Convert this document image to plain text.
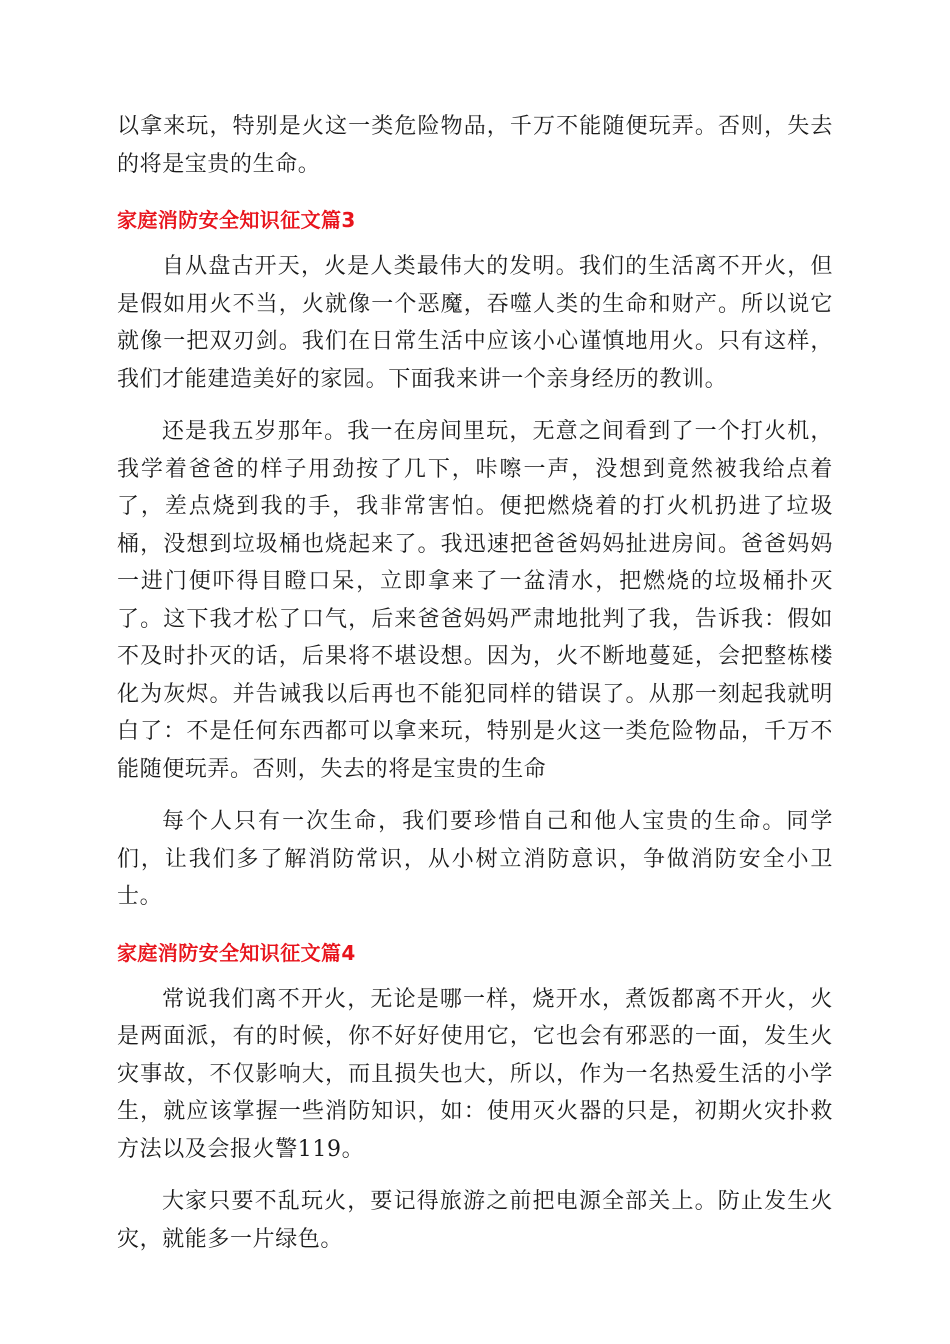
以拿来玩，特别是火这一类危险物品，千万不能随便玩弄。否则，失去的将是宝贵的生命。

家庭消防安全知识征文篇3

自从盘古开天，火是人类最伟大的发明。我们的生活离不开火，但是假如用火不当，火就像一个恶魔，吞噬人类的生命和财产。所以说它就像一把双刃剑。我们在日常生活中应该小心谨慎地用火。只有这样，我们才能建造美好的家园。下面我来讲一个亲身经历的教训。

还是我五岁那年。我一在房间里玩，无意之间看到了一个打火机，我学着爸爸的样子用劲按了几下，咔嚓一声，没想到竟然被我给点着了，差点烧到我的手，我非常害怕。便把燃烧着的打火机扔进了垃圾桶，没想到垃圾桶也烧起来了。我迅速把爸爸妈妈扯进房间。爸爸妈妈一进门便吓得目瞪口呆，立即拿来了一盆清水，把燃烧的垃圾桶扑灭了。这下我才松了口气，后来爸爸妈妈严肃地批判了我，告诉我：假如不及时扑灭的话，后果将不堪设想。因为，火不断地蔓延，会把整栋楼化为灰烬。并告诫我以后再也不能犯同样的错误了。从那一刻起我就明白了：不是任何东西都可以拿来玩，特别是火这一类危险物品，千万不能随便玩弄。否则，失去的将是宝贵的生命

每个人只有一次生命，我们要珍惜自己和他人宝贵的生命。同学们，让我们多了解消防常识，从小树立消防意识，争做消防安全小卫士。

家庭消防安全知识征文篇4

常说我们离不开火，无论是哪一样，烧开水，煮饭都离不开火，火是两面派，有的时候，你不好好使用它，它也会有邪恶的一面，发生火灾事故，不仅影响大，而且损失也大，所以，作为一名热爱生活的小学生，就应该掌握一些消防知识，如：使用灭火器的只是，初期火灾扑救方法以及会报火警119。

大家只要不乱玩火，要记得旅游之前把电源全部关上。防止发生火灾，就能多一片绿色。
